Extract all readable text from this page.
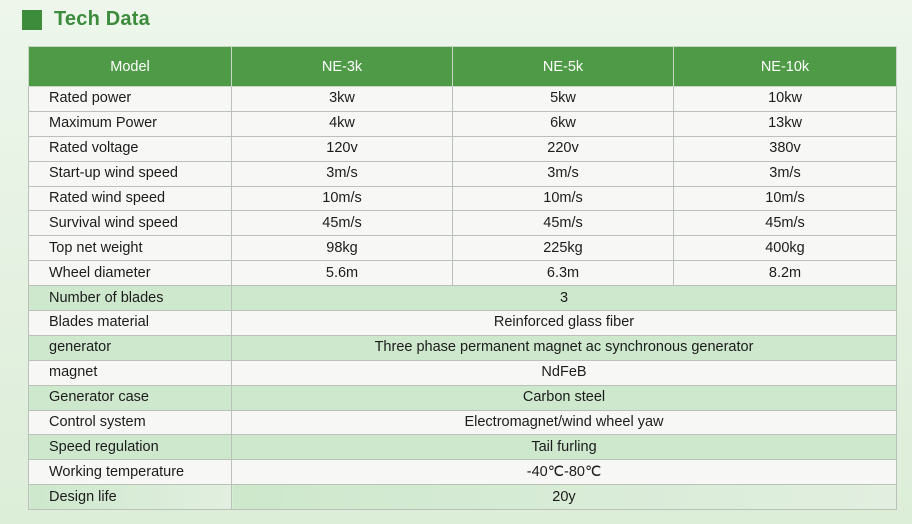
Tech Data
Model	NE-3k	NE-5k	NE-10k
Rated power	3kw	5kw	10kw
Maximum Power	4kw	6kw	13kw
Rated voltage	120v	220v	380v
Start-up wind speed	3m/s	3m/s	3m/s
Rated wind speed	10m/s	10m/s	10m/s
Survival wind speed	45m/s	45m/s	45m/s
Top net weight	98kg	225kg	400kg
Wheel diameter	5.6m	6.3m	8.2m
Number of blades	3		
Blades material	Reinforced glass fiber		
generator	Three phase permanent magnet ac synchronous generator		
magnet	NdFeB		
Generator case	Carbon steel		
Control system	Electromagnet/wind wheel yaw		
Speed regulation	Tail furling		
Working temperature	-40℃-80℃		
Design life	20y		
